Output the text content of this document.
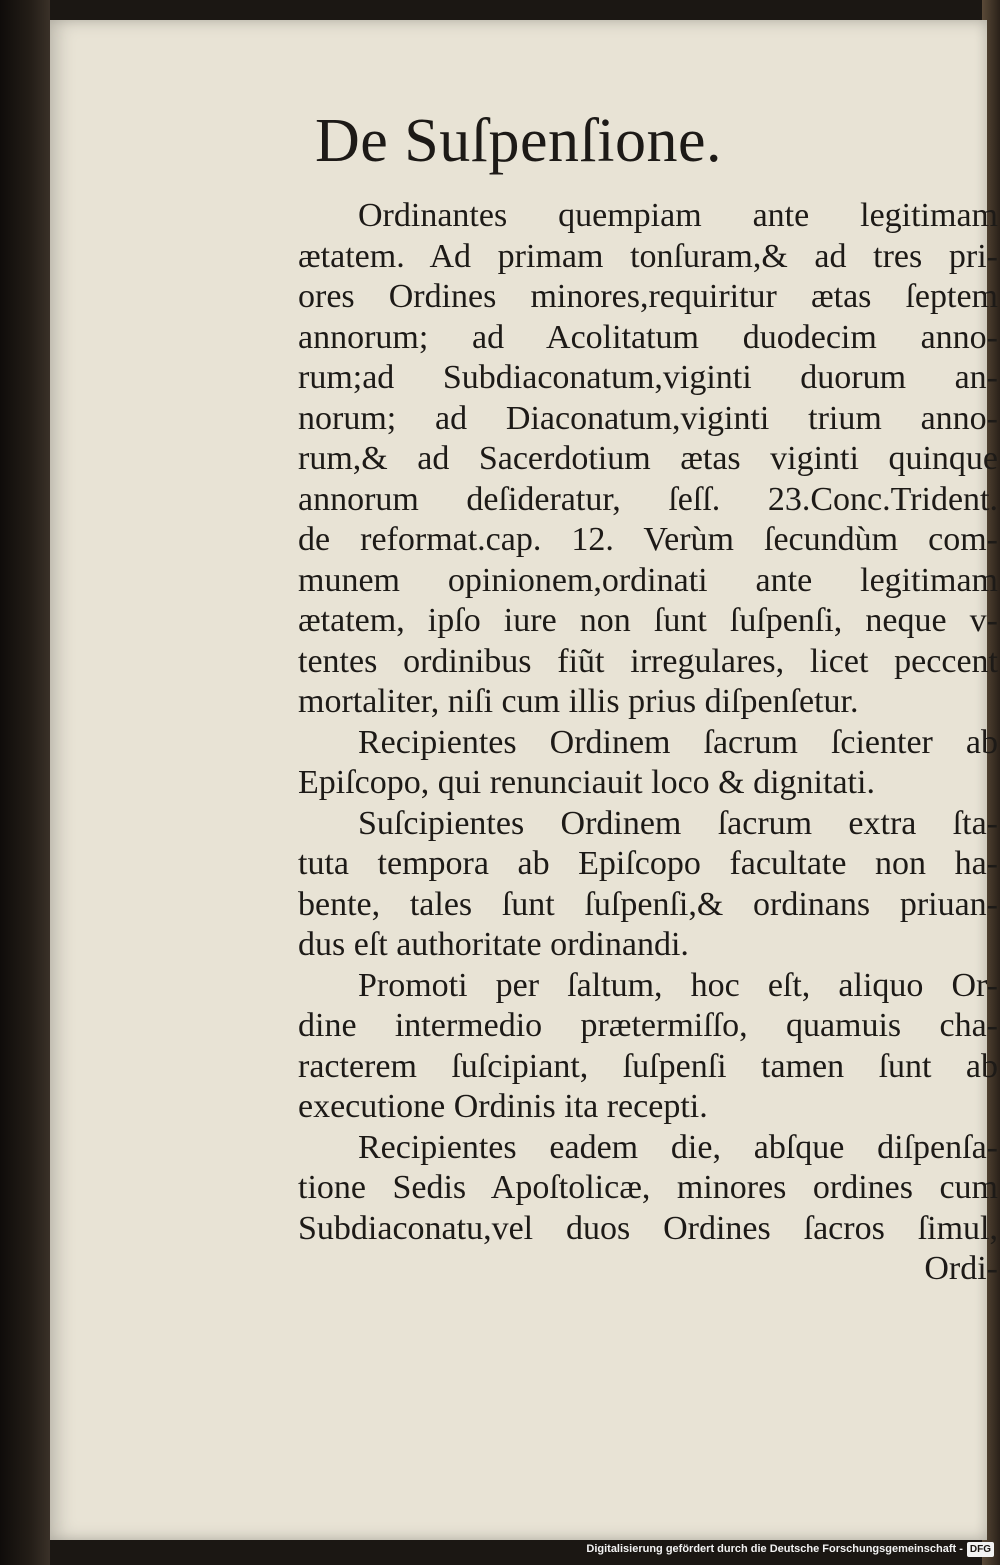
De Suſpenſione.
Ordinantes quempiam ante legitimam
ætatem. Ad primam tonſuram,& ad tres pri-
ores Ordines minores,requiritur ætas ſeptem
annorum; ad Acolitatum duodecim anno-
rum;ad Subdiaconatum,viginti duorum an-
norum; ad Diaconatum,viginti trium anno-
rum,& ad Sacerdotium ætas viginti quinque
annorum deſideratur, ſeſſ. 23.Conc.Trident.
de reformat.cap. 12. Verùm ſecundùm com-
munem opinionem,ordinati ante legitimam
ætatem, ipſo iure non ſunt ſuſpenſi, neque v-
tentes ordinibus fiũt irregulares, licet peccent
mortaliter, niſi cum illis prius diſpenſetur.
Recipientes Ordinem ſacrum ſcienter ab
Epiſcopo, qui renunciauit loco & dignitati.
Suſcipientes Ordinem ſacrum extra ſta-
tuta tempora ab Epiſcopo facultate non ha-
bente, tales ſunt ſuſpenſi,& ordinans priuan-
dus eſt authoritate ordinandi.
Promoti per ſaltum, hoc eſt, aliquo Or-
dine intermedio prætermiſſo, quamuis cha-
racterem ſuſcipiant, ſuſpenſi tamen ſunt ab
executione Ordinis ita recepti.
Recipientes eadem die, abſque diſpenſa-
tione Sedis Apoſtolicæ, minores ordines cum
Subdiaconatu,vel duos Ordines ſacros ſimul,
Ordi-
Digitalisierung gefördert durch die Deutsche Forschungsgemeinschaft - DFG
